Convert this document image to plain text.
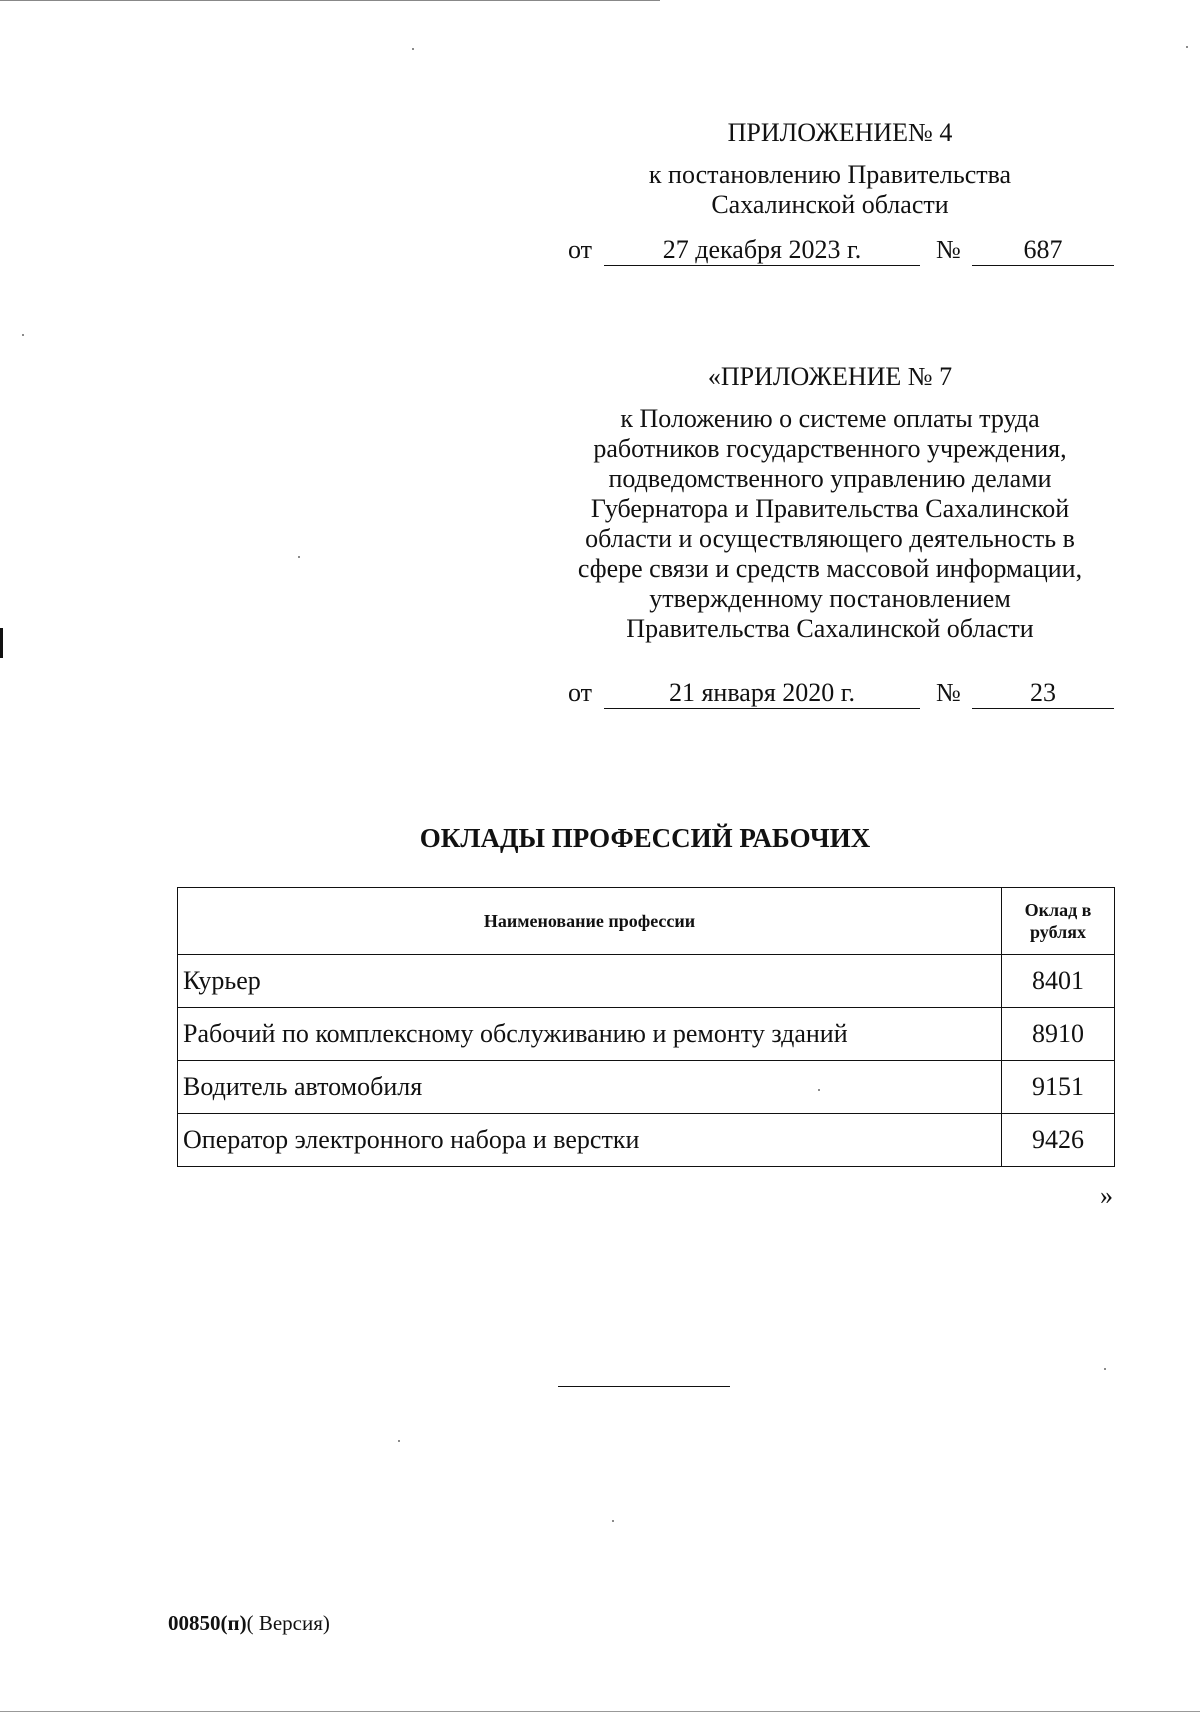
ПРИЛОЖЕНИЕ№ 4
к постановлению Правительства
Сахалинской области
от	27 декабря 2023 г.	№	687
«ПРИЛОЖЕНИЕ № 7
к Положению о системе оплаты труда
работников государственного учреждения,
подведомственного управлению делами
Губернатора и Правительства Сахалинской
области и осуществляющего деятельность в
сфере связи и средств массовой информации,
утвержденному постановлением
Правительства Сахалинской области
от	21 января 2020 г.	№	23
ОКЛАДЫ ПРОФЕССИЙ РАБОЧИХ
Наименование профессии	Оклад в рублях
Курьер	8401
Рабочий по комплексному обслуживанию и ремонту зданий	8910
Водитель автомобиля	9151
Оператор электронного набора и верстки	9426
»
00850(п)( Версия)
